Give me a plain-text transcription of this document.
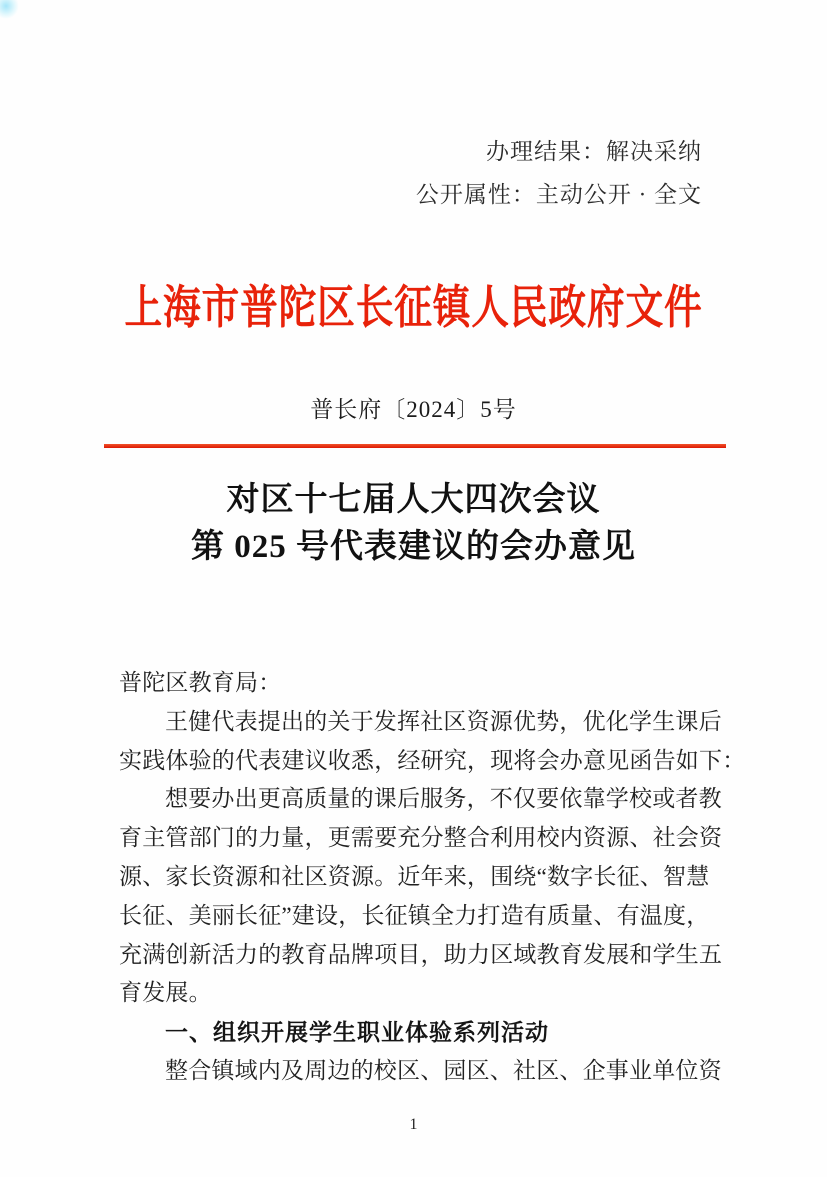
办理结果：解决采纳
公开属性：主动公开 · 全文
上海市普陀区长征镇人民政府文件
普长府〔2024〕5号
对区十七届人大四次会议
第 025 号代表建议的会办意见
普陀区教育局：
王健代表提出的关于发挥社区资源优势，优化学生课后
实践体验的代表建议收悉，经研究，现将会办意见函告如下：
想要办出更高质量的课后服务，不仅要依靠学校或者教
育主管部门的力量，更需要充分整合利用校内资源、社会资
源、家长资源和社区资源。近年来，围绕“数字长征、智慧
长征、美丽长征”建设，长征镇全力打造有质量、有温度，
充满创新活力的教育品牌项目，助力区域教育发展和学生五
育发展。
一、组织开展学生职业体验系列活动
整合镇域内及周边的校区、园区、社区、企事业单位资
1
